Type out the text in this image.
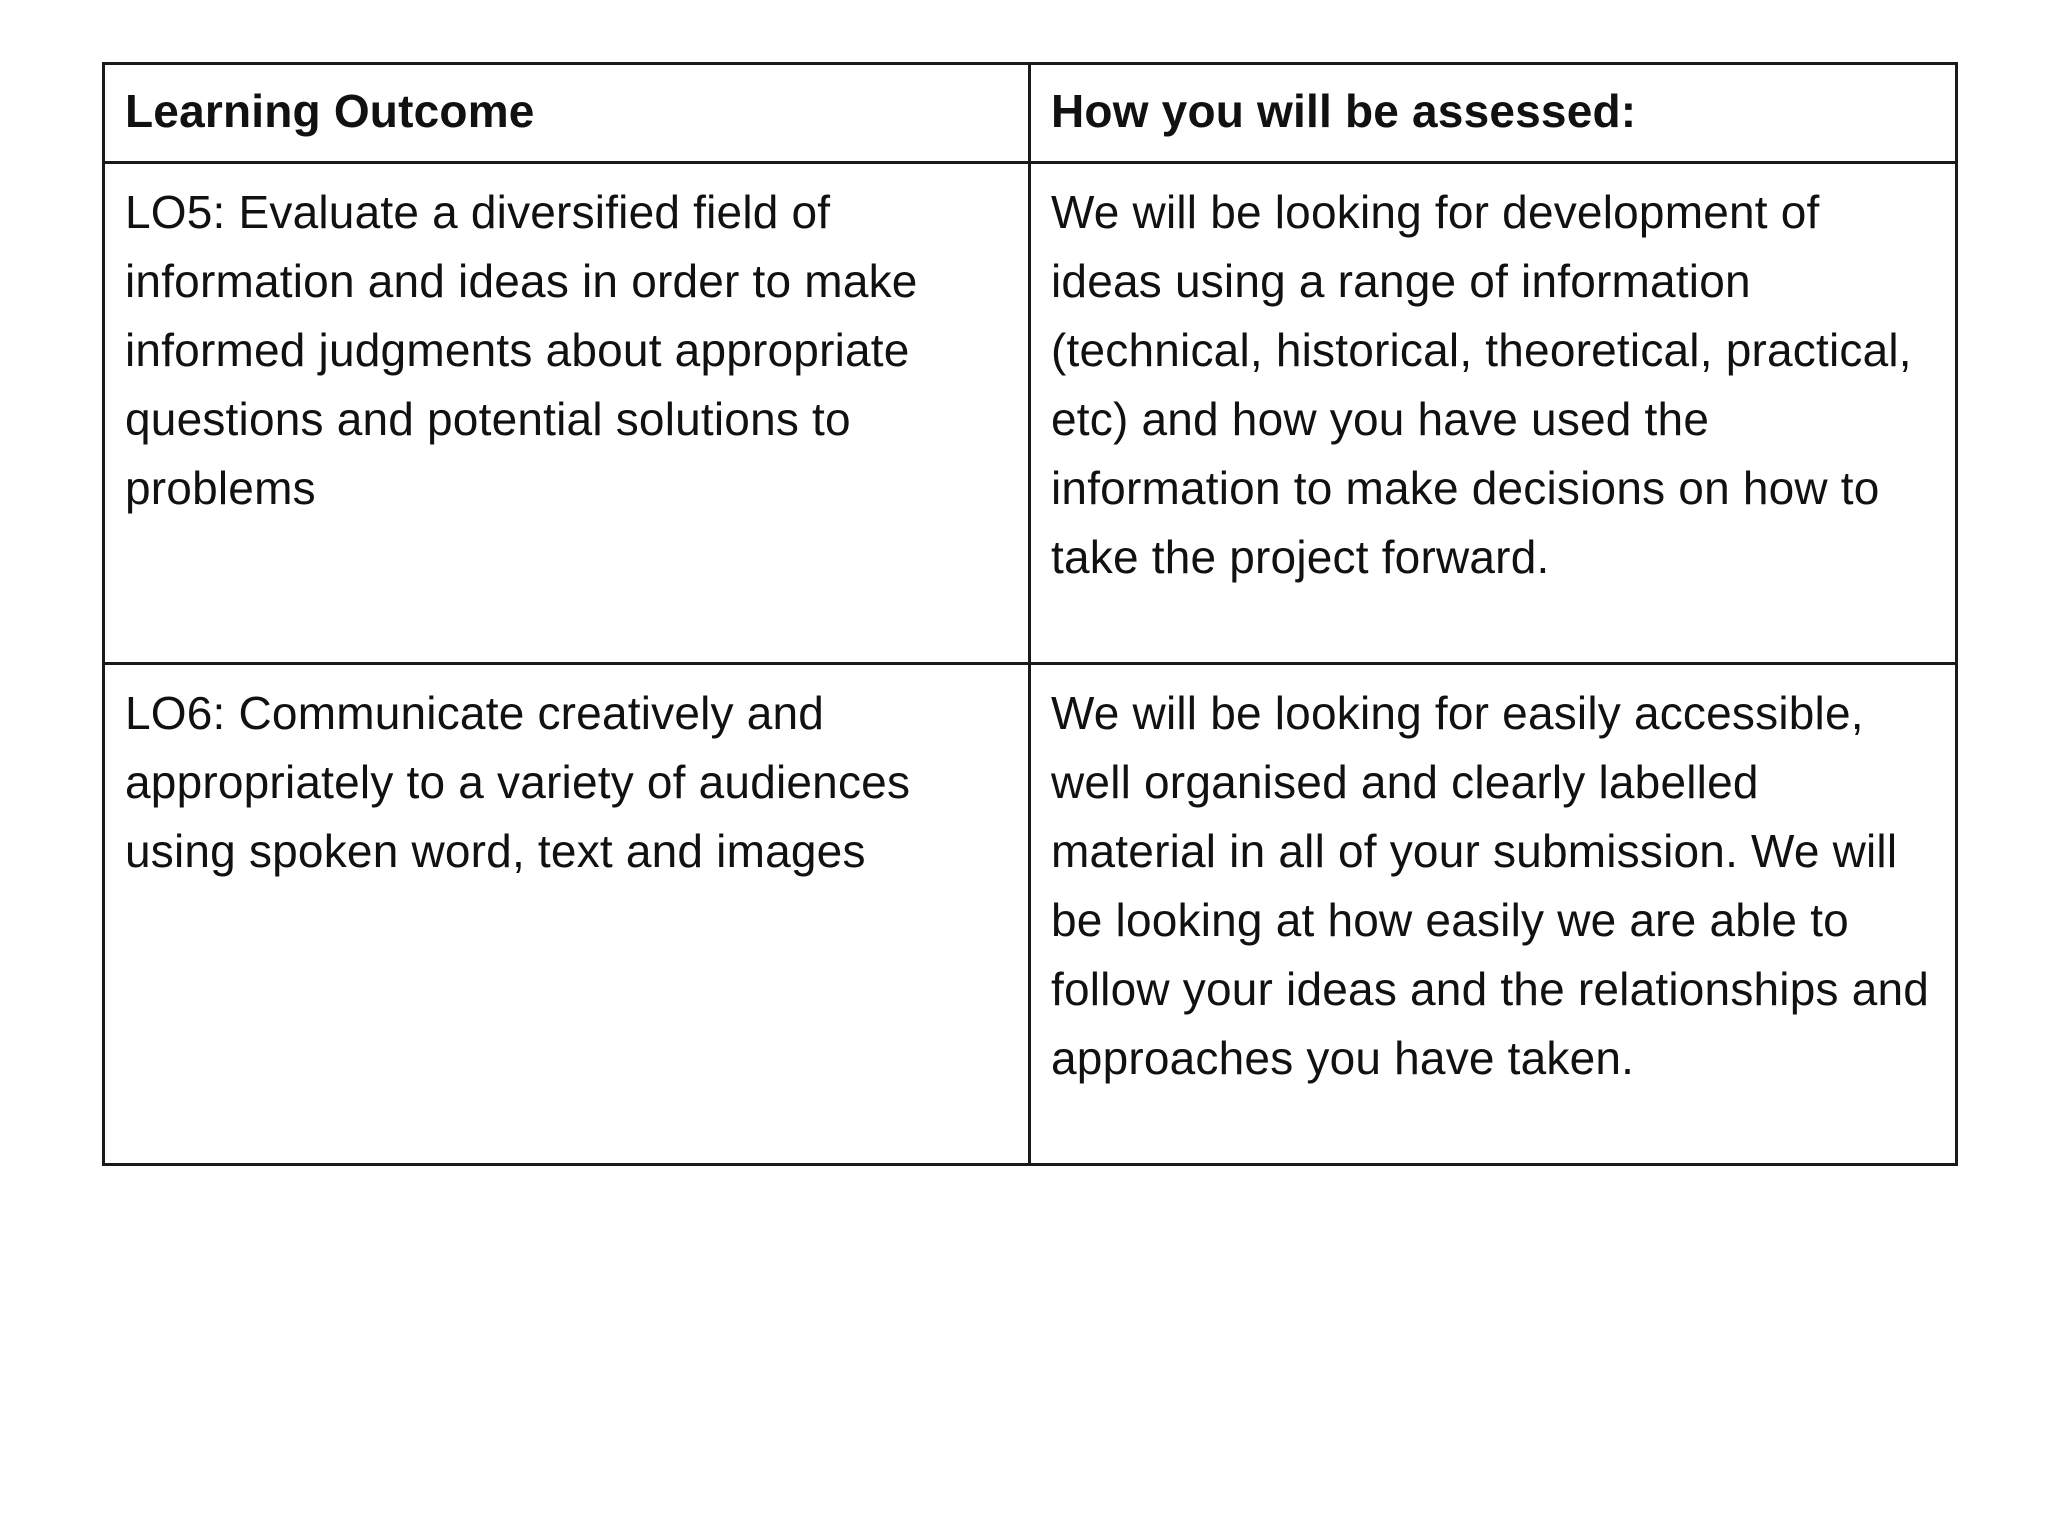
Learning Outcome	How you will be assessed:
LO5: Evaluate a diversified field of information and ideas in order to make informed judgments about appropriate questions and potential solutions to problems	We will be looking for development of ideas using a range of information (technical, historical, theoretical, practical, etc) and how you have used the information to make decisions on how to take the project forward.
LO6: Communicate creatively and appropriately to a variety of audiences using spoken word, text and images	We will be looking for easily accessible, well organised and clearly labelled material in all of your submission. We will be looking at how easily we are able to follow your ideas and the relationships and approaches you have taken.
